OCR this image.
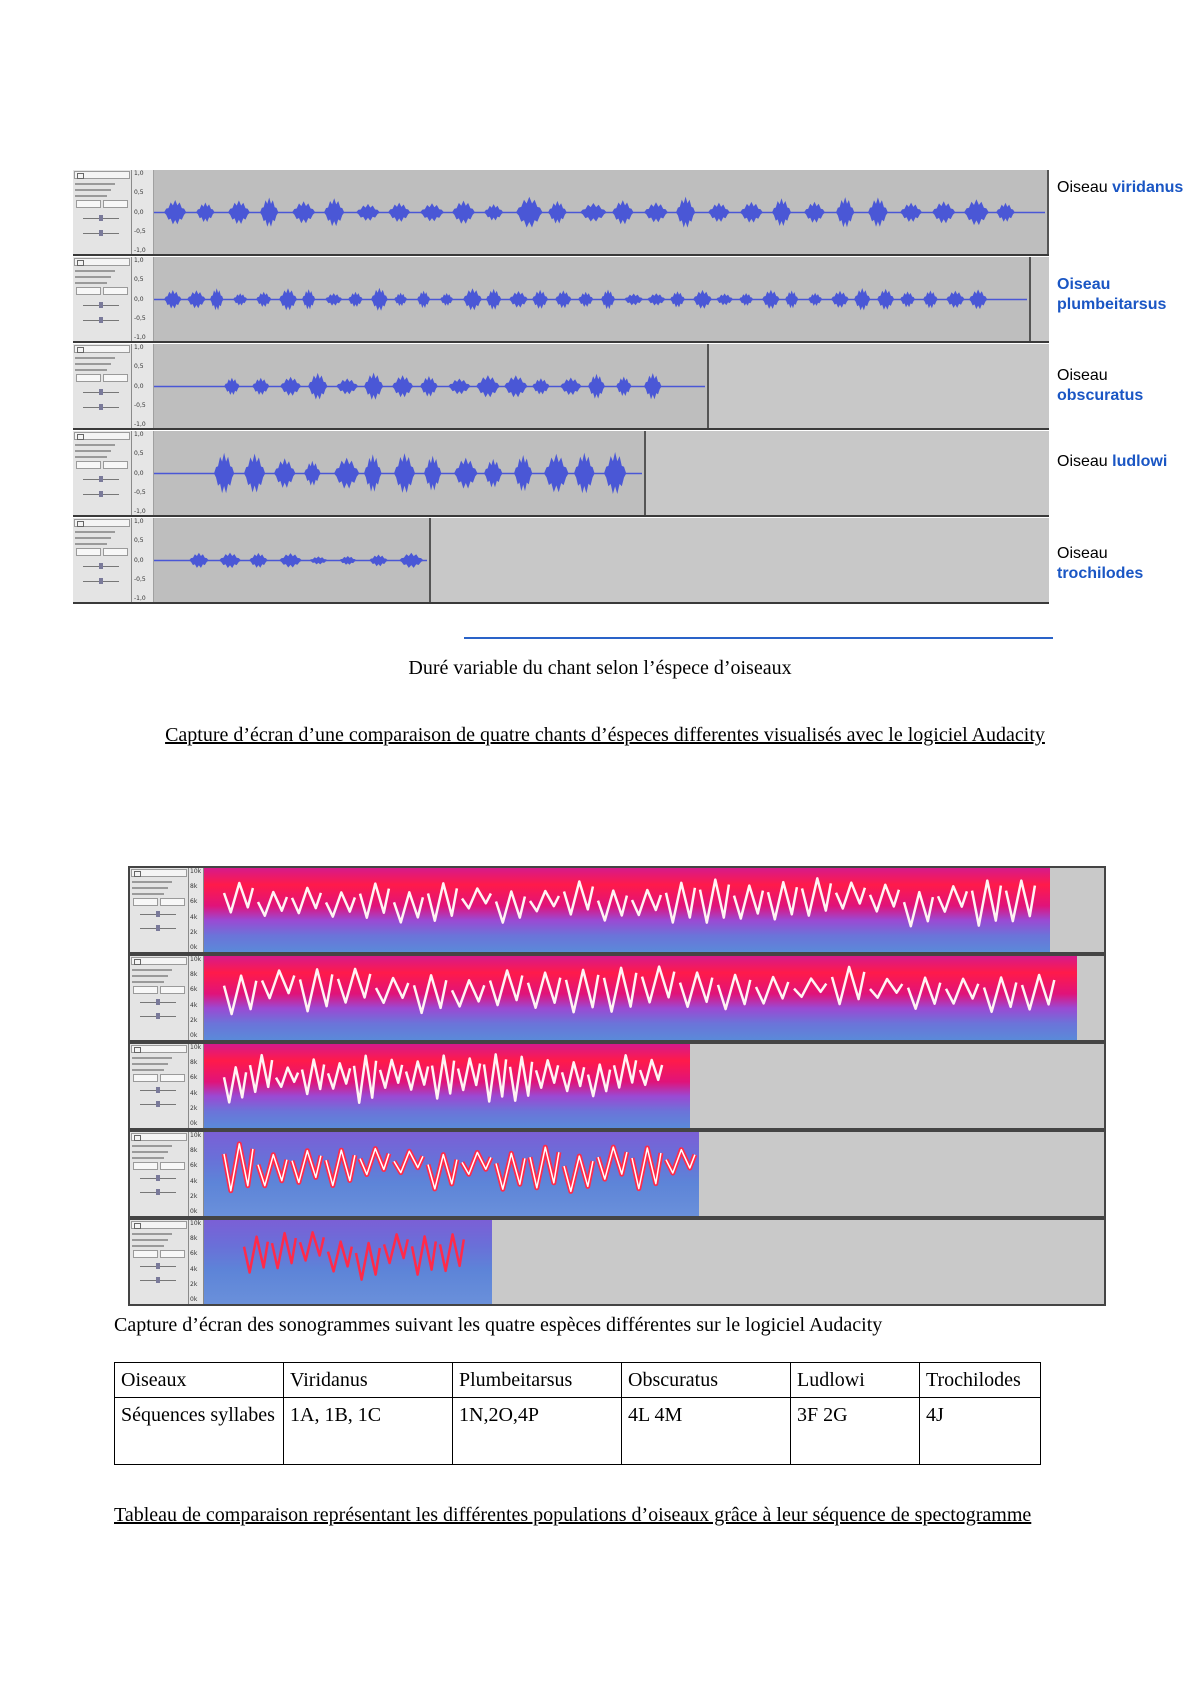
1,0
0,5
0,0
-0,5
-1,0
1,0
0,5
0,0
-0,5
-1,0
1,0
0,5
0,0
-0,5
-1,0
1,0
0,5
0,0
-0,5
-1,0
1,0
0,5
0,0
-0,5
-1,0
Oiseau viridanus
Oiseau
plumbeitarsus
Oiseau
obscuratus
Oiseau ludlowi
Oiseau
trochilodes
Duré variable du chant selon l’éspece d’oiseaux
Capture d’écran d’une comparaison de quatre chants d’éspeces differentes visualisés avec le logiciel Audacity
10k
8k
6k
4k
2k
0k
10k
8k
6k
4k
2k
0k
10k
8k
6k
4k
2k
0k
10k
8k
6k
4k
2k
0k
10k
8k
6k
4k
2k
0k
Capture d’écran des sonogrammes suivant les quatre espèces différentes sur le logiciel Audacity
Oiseaux	Viridanus	Plumbeitarsus	Obscuratus	Ludlowi	Trochilodes
Séquences syllabes	1A, 1B, 1C	1N,2O,4P	4L 4M	3F 2G	4J
Tableau de comparaison représentant les différentes populations d’oiseaux grâce à leur séquence de spectogramme
